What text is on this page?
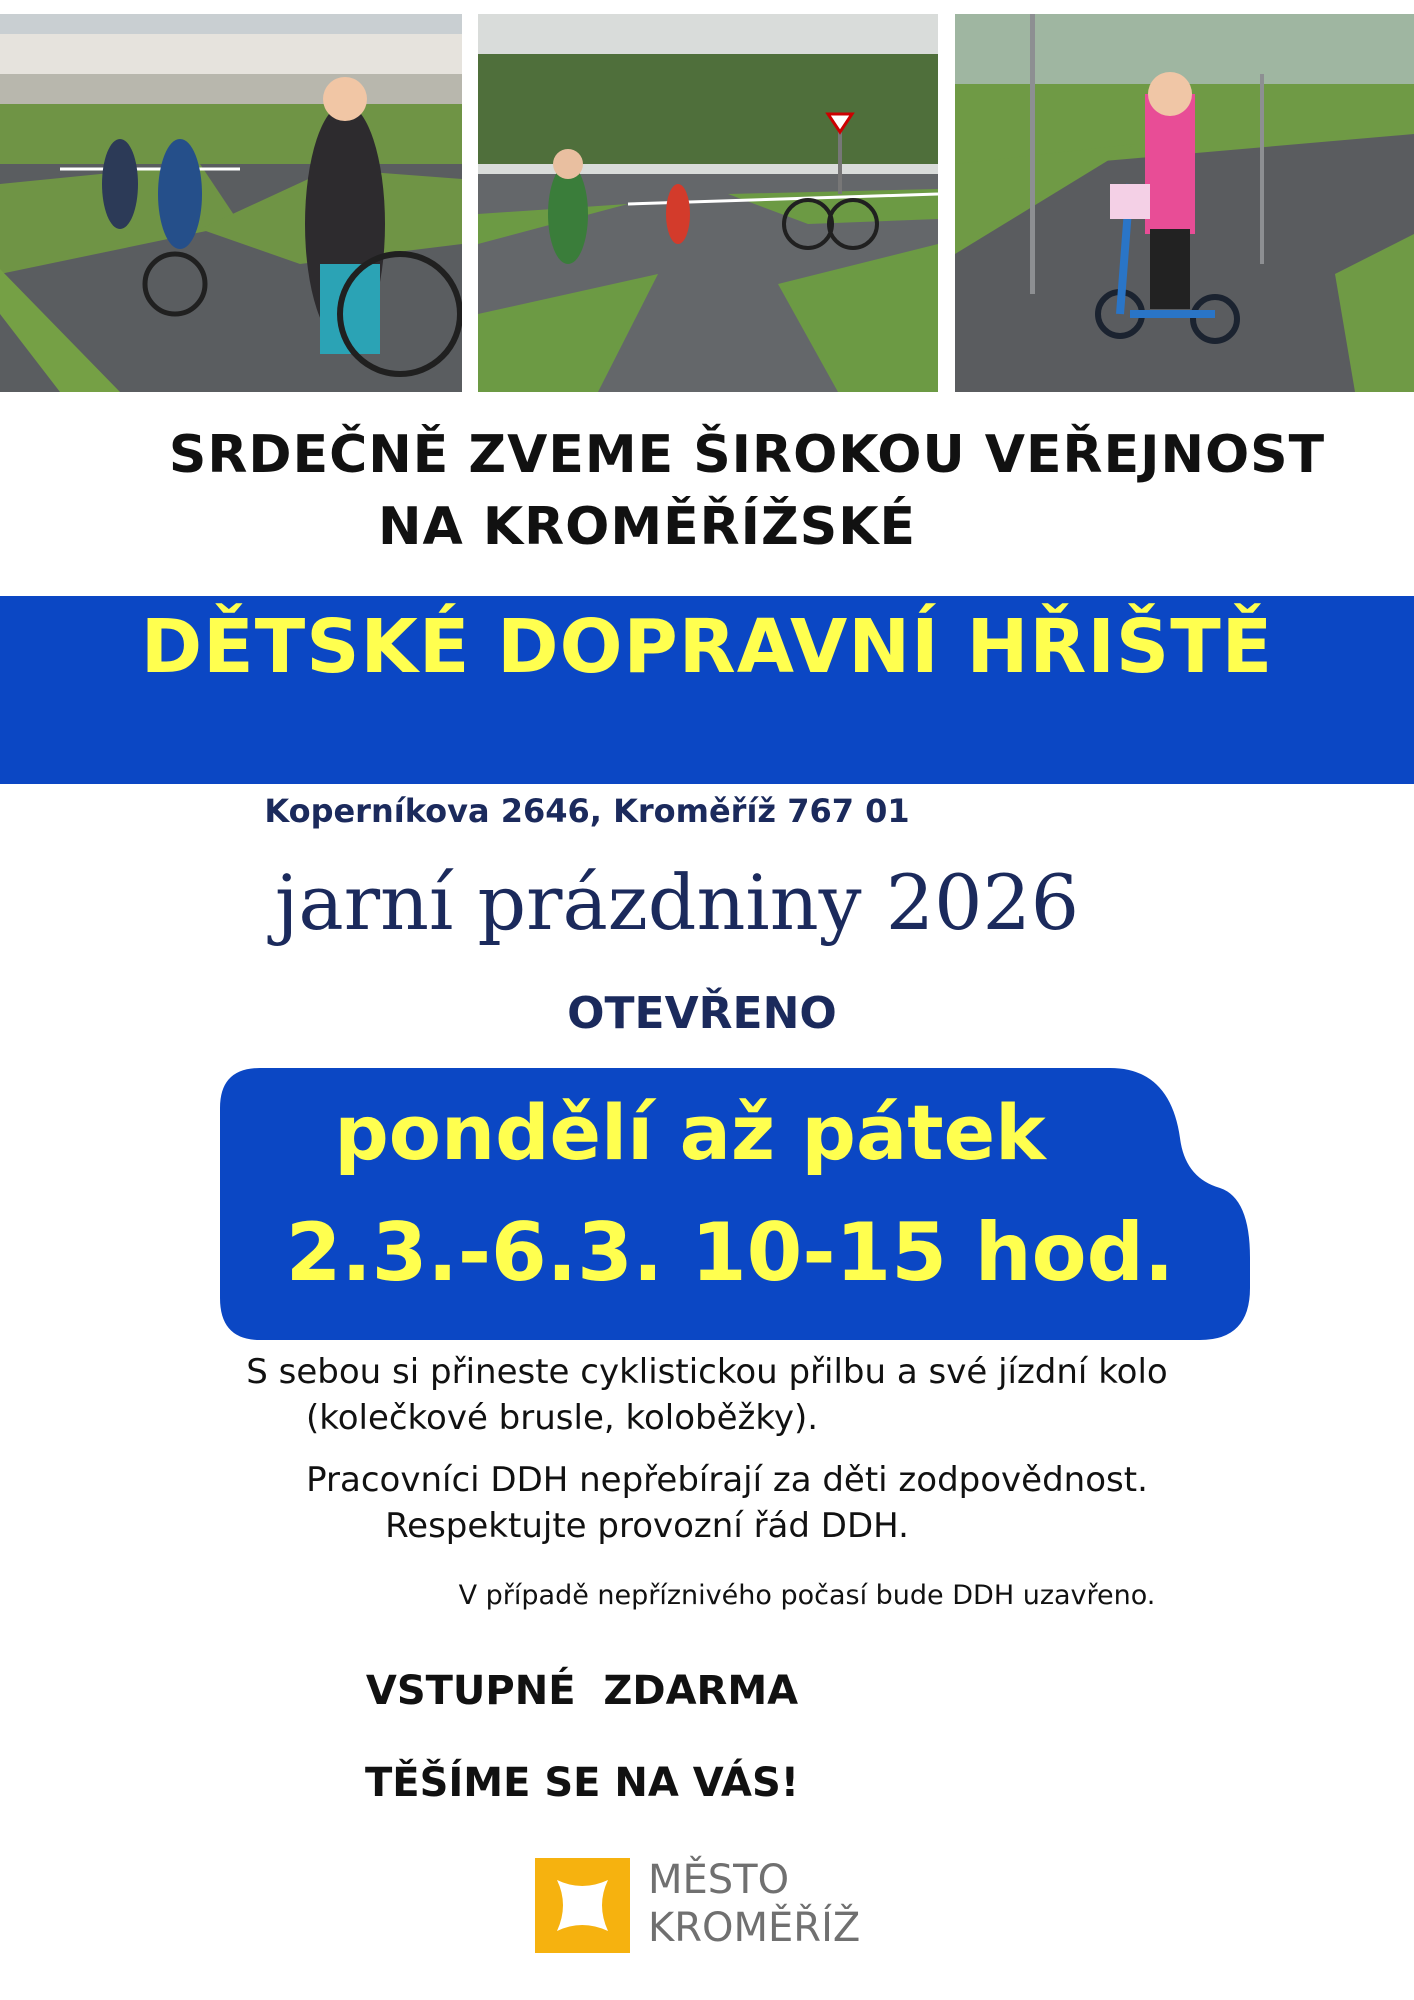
SRDEČNĚ ZVEME ŠIROKOU VEŘEJNOST
NA KROMĚŘÍŽSKÉ
DĚTSKÉ DOPRAVNÍ HŘIŠTĚ
Koperníkova 2646, Kroměříž 767 01
jarní prázdniny 2026
OTEVŘENO
pondělí až pátek
2.3.-6.3. 10-15 hod.
S sebou si přineste cyklistickou přilbu a své jízdní kolo
(kolečkové brusle, koloběžky).
Pracovníci DDH nepřebírají za děti zodpovědnost.
Respektujte provozní řád DDH.
V případě nepříznivého počasí bude DDH uzavřeno.
VSTUPNÉ  ZDARMA
TĚŠÍME SE NA VÁS!
MĚSTO
KROMĚŘÍŽ
